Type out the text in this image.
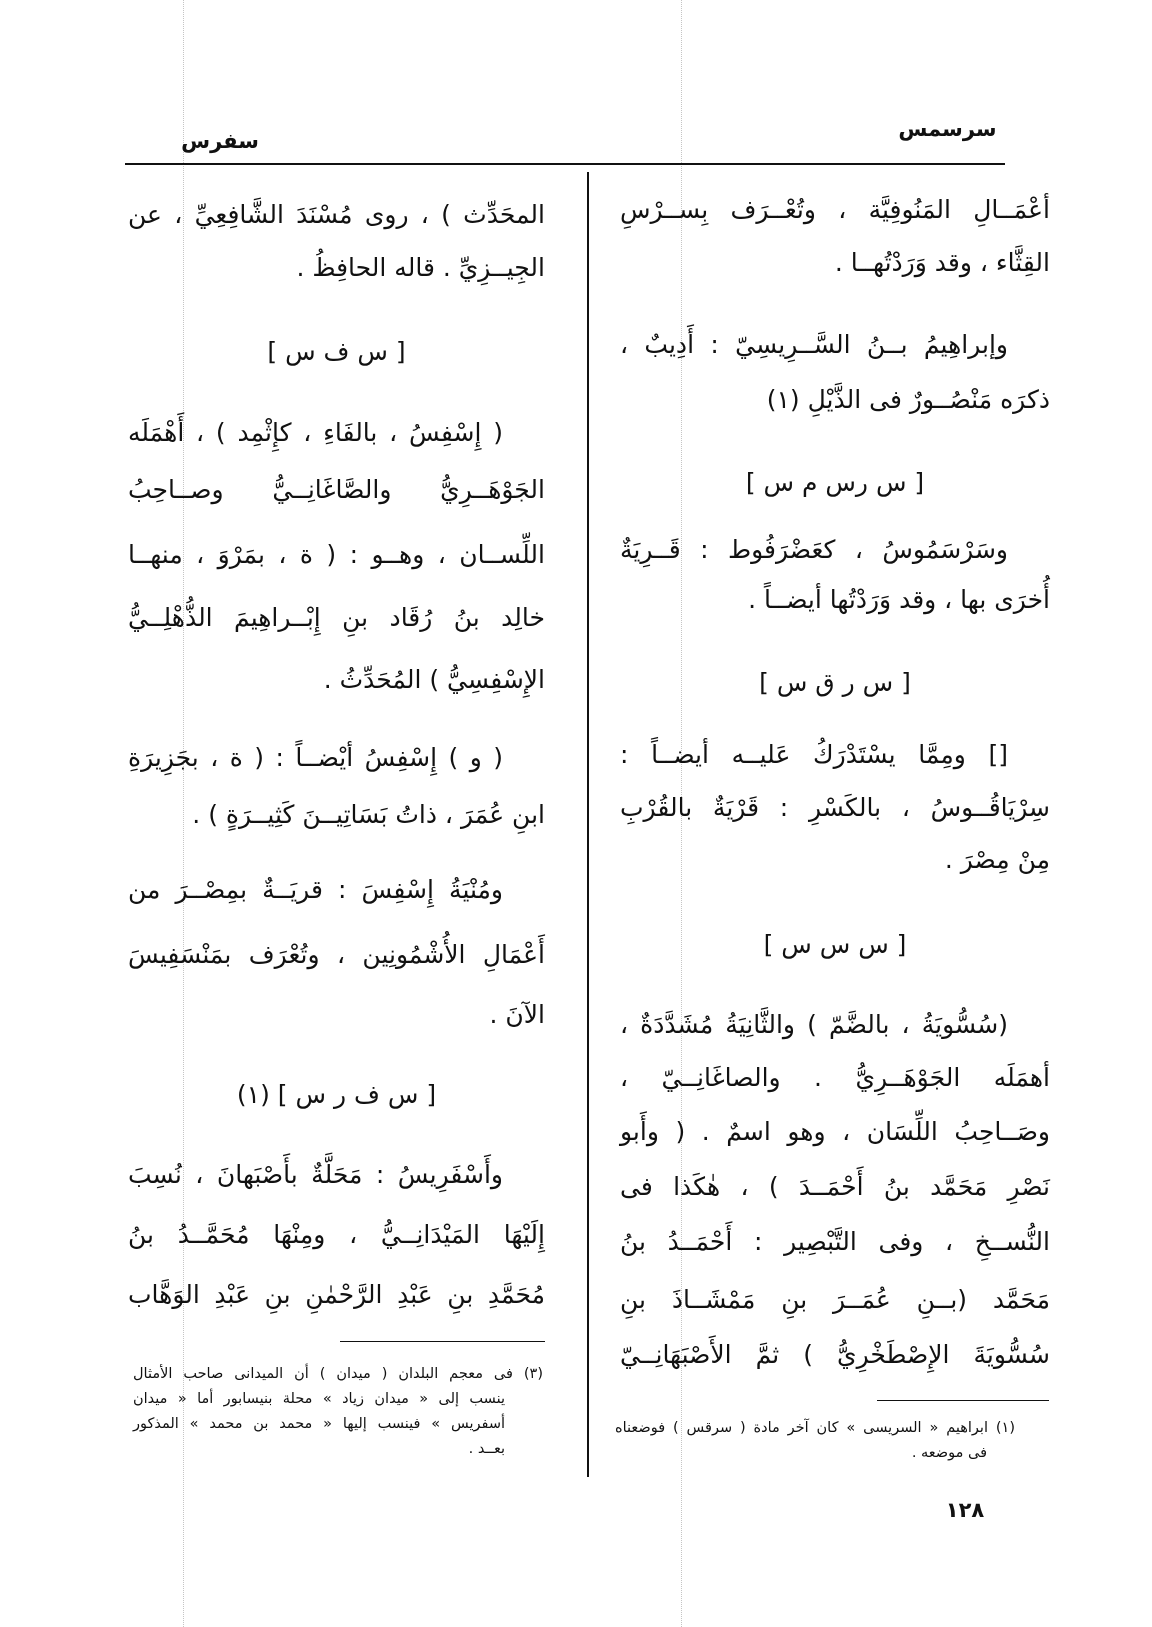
سرسمس
سفرس
أعْمَــالِ المَنُوفِيَّة ، وتُعْــرَف بِســرْسِ
القِثَّاء ، وقد وَرَدْتُهــا .
وإبراهِيمُ بــنُ السَّــرِيسِيّ : أَدِيبٌ ،
ذكرَه مَنْصُــورٌ فى الذَّيْلِ (١)
[ س رس م س ]
وسَرْسَمُوسُ ، كعَضْرَفُوط : قَــرِيَةٌ
أُخرَى بها ، وقد وَرَدْتُها أيضــاً .
[ س ر ق س ]
[] ومِمَّا يسْتَدْرَكُ عَليــه أيضــاً :
سِرْيَاقُــوسُ ، بالكَسْرِ : قَرْيَةٌ بالقُرْبِ
مِنْ مِصْرَ .
[ س س س ]
(سُسُّويَةُ ، بالضَّمّ ) والثَّانِيَةُ مُشَدَّدَةٌ ،
أهمَلَه الجَوْهَــرِيُّ . والصاغَانِــيّ ،
وصَــاحِبُ اللِّسَان ، وهو اسمٌ . ( وأَبو
نَصْرِ مَحَمَّد بنُ أَحْمَــدَ ) ، هٰكَذا فى
النُّســخِ ، وفى التَّبْصِير : أَحْمَــدُ بنُ
مَحَمَّد (بــنِ عُمَــرَ بنِ مَمْشَــاذَ بنِ
سُسُّويَةَ الإِصْطَخْرِيُّ ) ثمَّ الأَصْبَهَانِــيّ
(١) ابراهيم « السريسى » كان آخر مادة ( سرقس ) فوضعناه
فى موضعه .
المحَدِّث ) ، روى مُسْنَدَ الشَّافِعِيِّ ، عن
الجِيــزِيِّ . قاله الحافِظُ .
[ س ف س ]
( إِسْفِسُ ، بالفَاءِ ، كإِثْمِد ) ، أَهْمَلَه
الجَوْهَــرِيُّ والصَّاغَانِــيُّ وصــاحِبُ
اللِّســان ، وهــو : ( ة ، بمَرْوَ ، منهــا
خالِد بنُ رُقَاد بنِ إِبْــراهِيمَ الذُّهْلِــيُّ
الإِسْفِسِيُّ ) المُحَدِّثُ .
( و ) إِسْفِسُ أيْضــاً : ( ة ، بجَزِيرَةِ
ابنِ عُمَرَ ، ذاتُ بَسَاتِيــنَ كَثِيــرَةٍ ) .
ومُنْيَةُ إِسْفِسَ : قريَــةٌ بمِصْــرَ من
أَعْمَالِ الأُشْمُونِين ، وتُعْرَف بمَنْسَفِيسَ
الآنَ .
[ س ف ر س ] (١)
وأَسْفَرِيسُ : مَحَلَّةٌ بأَصْبَهانَ ، نُسِبَ
إِلَيْهَا المَيْدَانِــيُّ ، ومِنْهَا مُحَمَّــدُ بنُ
مُحَمَّدِ بنِ عَبْدِ الرَّحْمٰنِ بنِ عَبْدِ الوَهَّاب
(٣) فى معجم البلدان ( ميدان ) أن الميدانى صاحب الأمثال
ينسب إلى « ميدان زياد » محلة بنيسابور أما « ميدان
أسفريس » فينسب إليها « محمد بن محمد » المذكور
بعــد .
١٢٨
